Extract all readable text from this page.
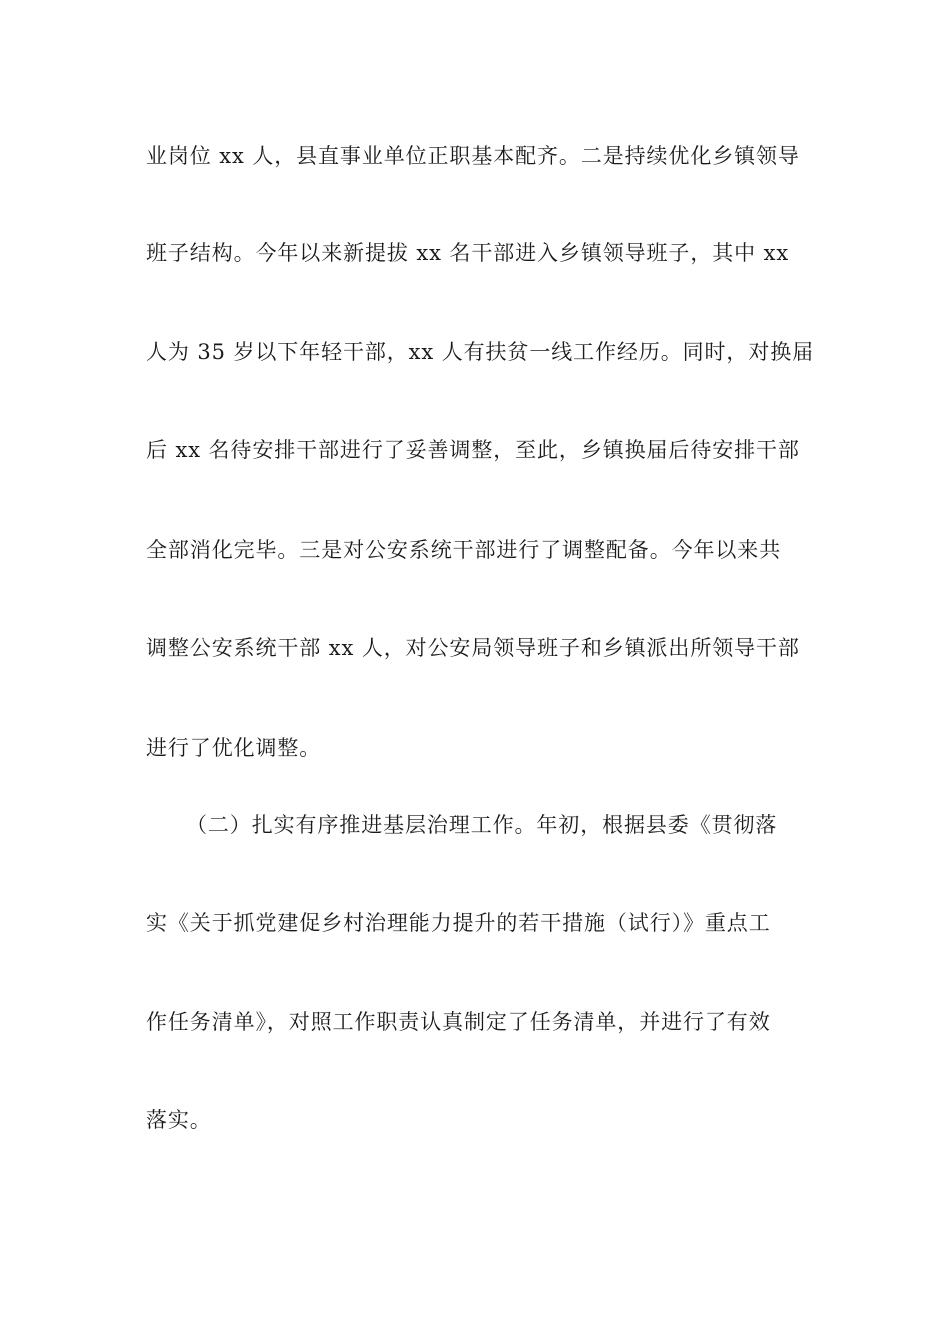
业岗位 xx 人，县直事业单位正职基本配齐。二是持续优化乡镇领导
班子结构。今年以来新提拔 xx 名干部进入乡镇领导班子，其中 xx
人为 35 岁以下年轻干部，xx 人有扶贫一线工作经历。同时，对换届
后 xx 名待安排干部进行了妥善调整，至此，乡镇换届后待安排干部
全部消化完毕。三是对公安系统干部进行了调整配备。今年以来共
调整公安系统干部 xx 人，对公安局领导班子和乡镇派出所领导干部
进行了优化调整。
（二）扎实有序推进基层治理工作。年初，根据县委《贯彻落
实《关于抓党建促乡村治理能力提升的若干措施（试行）》重点工
作任务清单》，对照工作职责认真制定了任务清单，并进行了有效
落实。
